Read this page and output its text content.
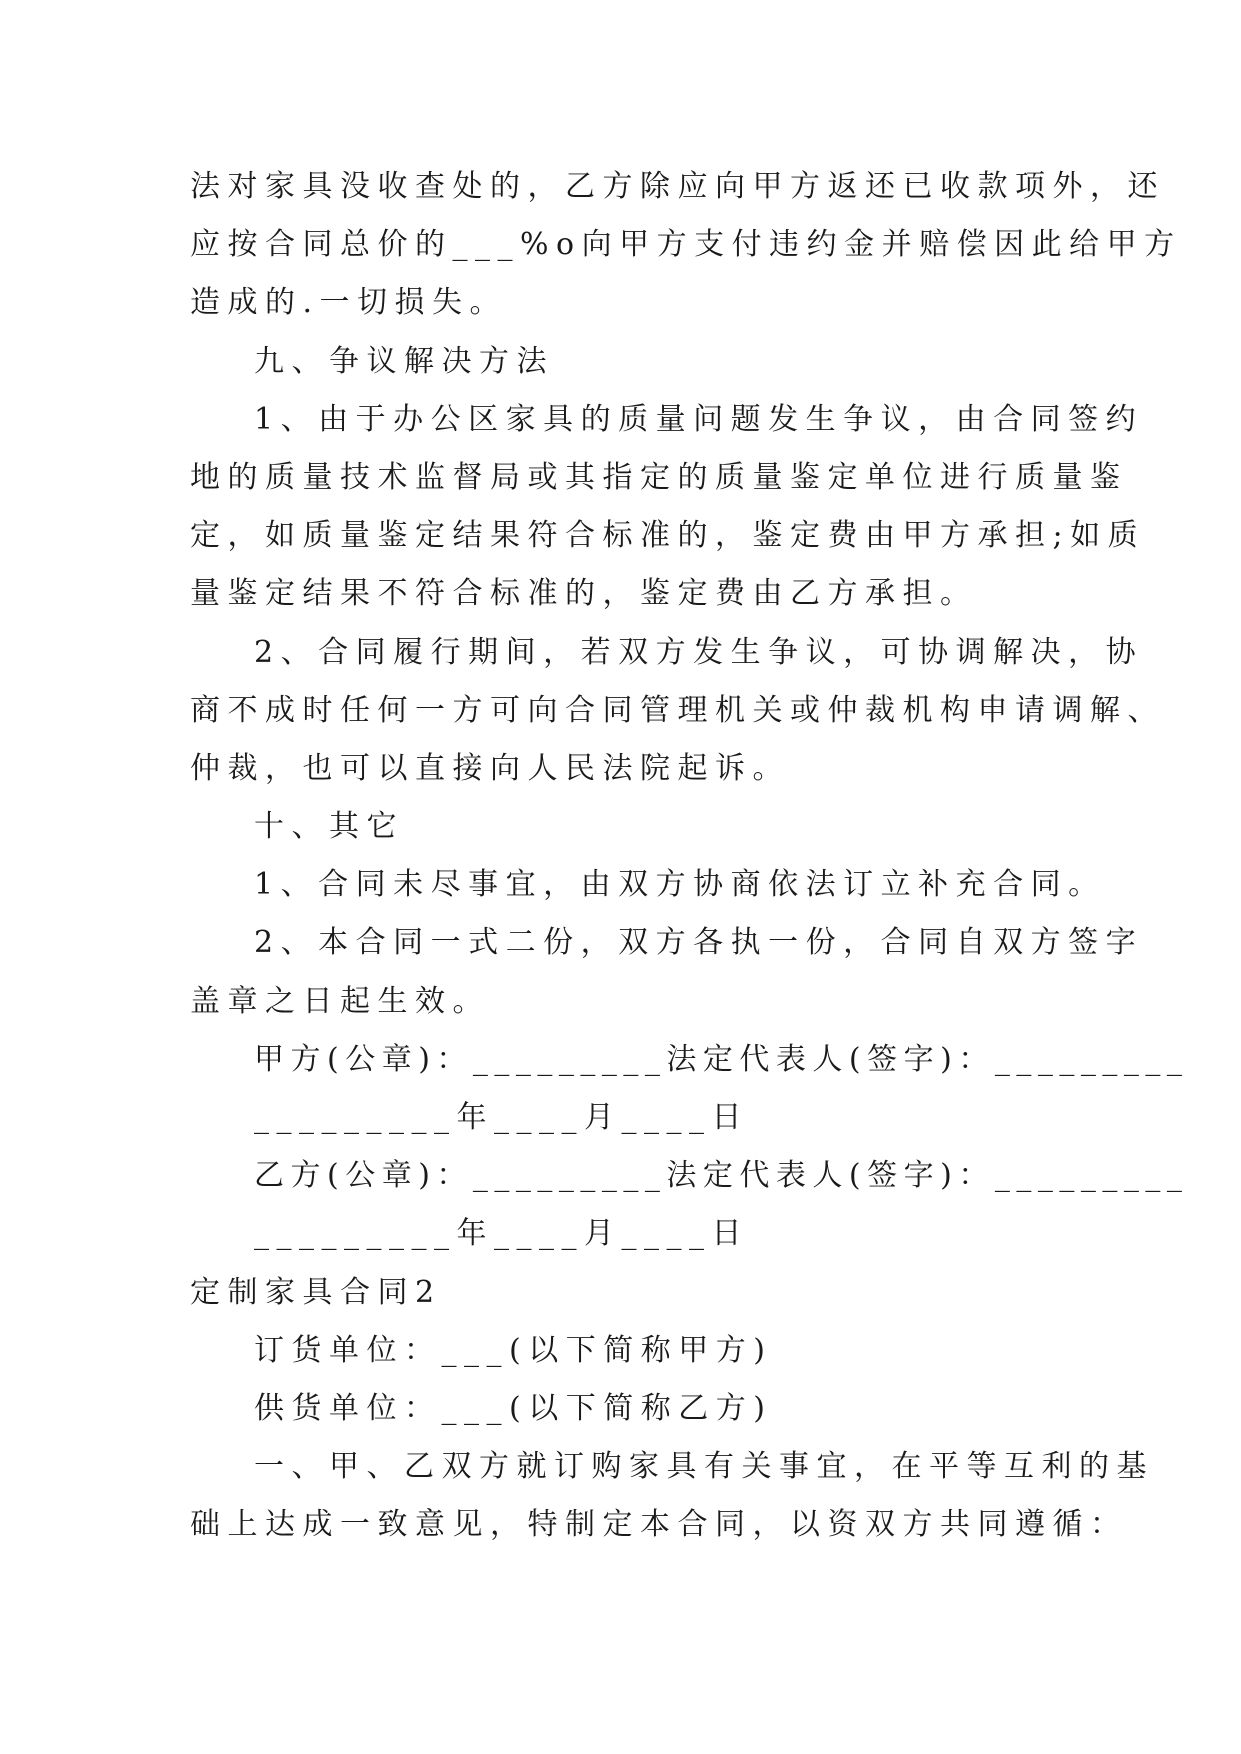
法对家具没收查处的，乙方除应向甲方返还已收款项外，还
应按合同总价的___%o向甲方支付违约金并赔偿因此给甲方
造成的.一切损失。
九、争议解决方法
1、由于办公区家具的质量问题发生争议，由合同签约
地的质量技术监督局或其指定的质量鉴定单位进行质量鉴
定，如质量鉴定结果符合标准的，鉴定费由甲方承担;如质
量鉴定结果不符合标准的，鉴定费由乙方承担。
2、合同履行期间，若双方发生争议，可协调解决，协
商不成时任何一方可向合同管理机关或仲裁机构申请调解、
仲裁，也可以直接向人民法院起诉。
十、其它
1、合同未尽事宜，由双方协商依法订立补充合同。
2、本合同一式二份，双方各执一份，合同自双方签字
盖章之日起生效。
甲方(公章)：_________法定代表人(签字)：_________
_________年____月____日
乙方(公章)：_________法定代表人(签字)：_________
_________年____月____日
定制家具合同2
订货单位：___(以下简称甲方)
供货单位：___(以下简称乙方)
一、甲、乙双方就订购家具有关事宜，在平等互利的基
础上达成一致意见，特制定本合同，以资双方共同遵循：
